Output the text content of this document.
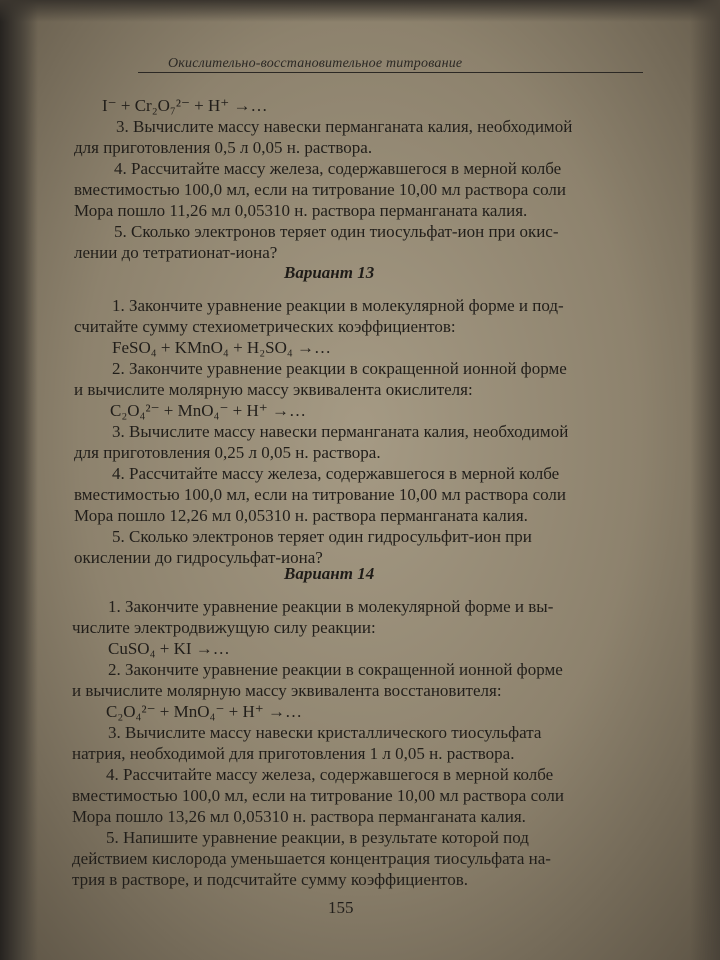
Окислительно-восстановительное титрование
I⁻ + Cr₂O₇²⁻ + H⁺ →…
3. Вычислите массу навески перманганата калия, необходимой
для приготовления 0,5 л 0,05 н. раствора.
4. Рассчитайте массу железа, содержавшегося в мерной колбе
вместимостью 100,0 мл, если на титрование 10,00 мл раствора соли
Мора пошло 11,26 мл 0,05310 н. раствора перманганата калия.
5. Сколько электронов теряет один тиосульфат-ион при окис-
лении до тетратионат-иона?
Вариант 13
1. Закончите уравнение реакции в молекулярной форме и под-
считайте сумму стехиометрических коэффициентов:
FeSO₄ + KMnO₄ + H₂SO₄ →…
2. Закончите уравнение реакции в сокращенной ионной форме
и вычислите молярную массу эквивалента окислителя:
C₂O₄²⁻ + MnO₄⁻ + H⁺ →…
3. Вычислите массу навески перманганата калия, необходимой
для приготовления 0,25 л 0,05 н. раствора.
4. Рассчитайте массу железа, содержавшегося в мерной колбе
вместимостью 100,0 мл, если на титрование 10,00 мл раствора соли
Мора пошло 12,26 мл 0,05310 н. раствора перманганата калия.
5. Сколько электронов теряет один гидросульфит-ион при
окислении до гидросульфат-иона?
Вариант 14
1. Закончите уравнение реакции в молекулярной форме и вы-
числите электродвижущую силу реакции:
CuSO₄ + KI →…
2. Закончите уравнение реакции в сокращенной ионной форме
и вычислите молярную массу эквивалента восстановителя:
C₂O₄²⁻ + MnO₄⁻ + H⁺ →…
3. Вычислите массу навески кристаллического тиосульфата
натрия, необходимой для приготовления 1 л 0,05 н. раствора.
4. Рассчитайте массу железа, содержавшегося в мерной колбе
вместимостью 100,0 мл, если на титрование 10,00 мл раствора соли
Мора пошло 13,26 мл 0,05310 н. раствора перманганата калия.
5. Напишите уравнение реакции, в результате которой под
действием кислорода уменьшается концентрация тиосульфата на-
трия в растворе, и подсчитайте сумму коэффициентов.
155
